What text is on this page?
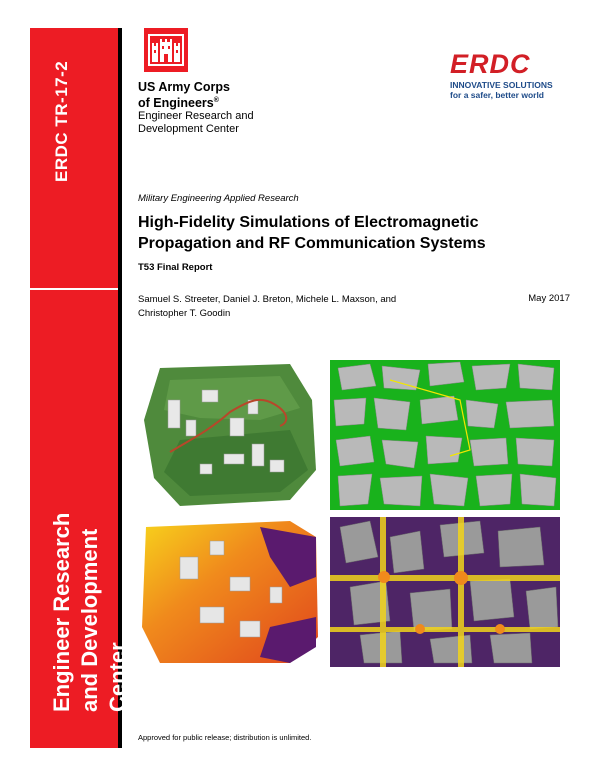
ERDC TR-17-2
Engineer Research and Development Center
US Army Corps
of Engineers®
Engineer Research and
Development Center
ERDC
INNOVATIVE SOLUTIONS
for a safer, better world
Military Engineering Applied Research
High-Fidelity Simulations of Electromagnetic
Propagation and RF Communication Systems
T53 Final Report
Samuel S. Streeter, Daniel J. Breton, Michele L. Maxson, and
Christopher T. Goodin
May 2017
Approved for public release; distribution is unlimited.
